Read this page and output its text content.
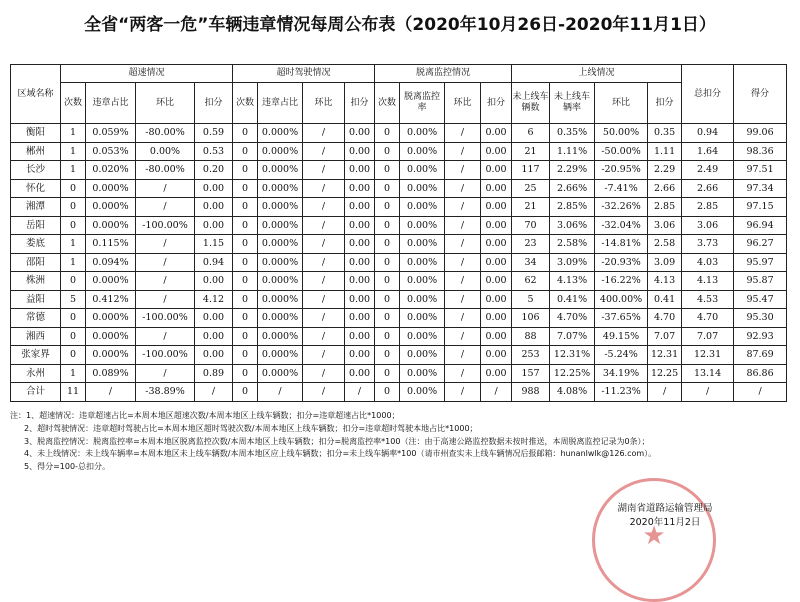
全省“两客一危”车辆违章情况每周公布表（2020年10月26日-2020年11月1日）
区域名称	超速情况				超时驾驶情况				脱离监控情况				上线情况				总扣分	得分
	次数	违章占比	环比	扣分	次数	违章占比	环比	扣分	次数	脱离监控率	环比	扣分	未上线车辆数	未上线车辆率	环比	扣分		
衡阳	1	0.059%	-80.00%	0.59	0	0.000%	/	0.00	0	0.00%	/	0.00	6	0.35%	50.00%	0.35	0.94	99.06
郴州	1	0.053%	0.00%	0.53	0	0.000%	/	0.00	0	0.00%	/	0.00	21	1.11%	-50.00%	1.11	1.64	98.36
长沙	1	0.020%	-80.00%	0.20	0	0.000%	/	0.00	0	0.00%	/	0.00	117	2.29%	-20.95%	2.29	2.49	97.51
怀化	0	0.000%	/	0.00	0	0.000%	/	0.00	0	0.00%	/	0.00	25	2.66%	-7.41%	2.66	2.66	97.34
湘潭	0	0.000%	/	0.00	0	0.000%	/	0.00	0	0.00%	/	0.00	21	2.85%	-32.26%	2.85	2.85	97.15
岳阳	0	0.000%	-100.00%	0.00	0	0.000%	/	0.00	0	0.00%	/	0.00	70	3.06%	-32.04%	3.06	3.06	96.94
娄底	1	0.115%	/	1.15	0	0.000%	/	0.00	0	0.00%	/	0.00	23	2.58%	-14.81%	2.58	3.73	96.27
邵阳	1	0.094%	/	0.94	0	0.000%	/	0.00	0	0.00%	/	0.00	34	3.09%	-20.93%	3.09	4.03	95.97
株洲	0	0.000%	/	0.00	0	0.000%	/	0.00	0	0.00%	/	0.00	62	4.13%	-16.22%	4.13	4.13	95.87
益阳	5	0.412%	/	4.12	0	0.000%	/	0.00	0	0.00%	/	0.00	5	0.41%	400.00%	0.41	4.53	95.47
常德	0	0.000%	-100.00%	0.00	0	0.000%	/	0.00	0	0.00%	/	0.00	106	4.70%	-37.65%	4.70	4.70	95.30
湘西	0	0.000%	/	0.00	0	0.000%	/	0.00	0	0.00%	/	0.00	88	7.07%	49.15%	7.07	7.07	92.93
张家界	0	0.000%	-100.00%	0.00	0	0.000%	/	0.00	0	0.00%	/	0.00	253	12.31%	-5.24%	12.31	12.31	87.69
永州	1	0.089%	/	0.89	0	0.000%	/	0.00	0	0.00%	/	0.00	157	12.25%	34.19%	12.25	13.14	86.86
合计	11	/	-38.89%	/	0	/	/	/	0	0.00%	/	/	988	4.08%	-11.23%	/	/	/
注：1、超速情况：违章超速占比=本周本地区超速次数/本周本地区上线车辆数；扣分=违章超速占比*1000；
2、超时驾驶情况：违章超时驾驶占比=本周本地区超时驾驶次数/本周本地区上线车辆数；扣分=违章超时驾驶本地占比*1000；
3、脱离监控情况：脱离监控率=本周本地区脱离监控次数/本周本地区上线车辆数；扣分=脱离监控率*100（注：由于高速公路监控数据未按时推送，本周脱离监控记录为0条）；
4、未上线情况：未上线车辆率=本周本地区未上线车辆数/本周本地区应上线车辆数；扣分=未上线车辆率*100（请市州查实未上线车辆情况后报邮箱：hunanlwlk@126.com）。
5、得分=100-总扣分。
★
湖南省道路运输管理局
2020年11月2日
